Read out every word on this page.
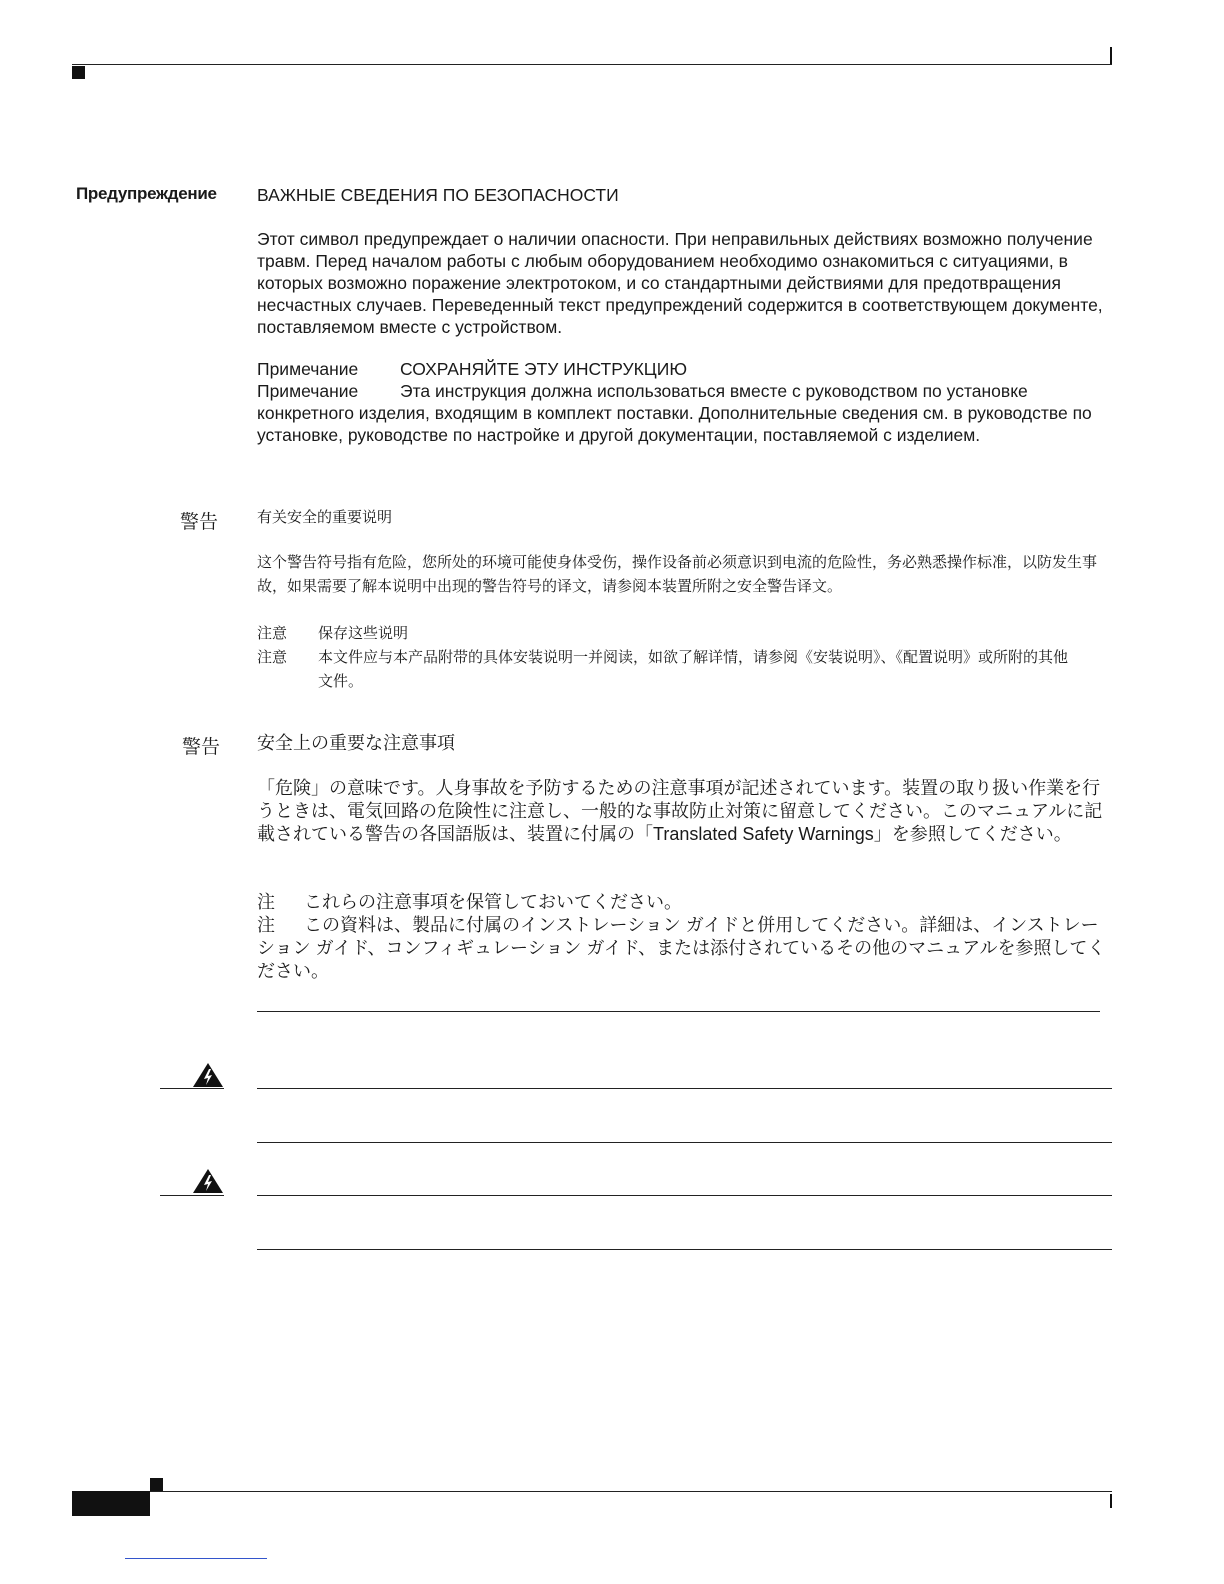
Предупреждение ВАЖНЫЕ СВЕДЕНИЯ ПО БЕЗОПАСНОСТИ
Этот символ предупреждает о наличии опасности. При неправильных действиях возможно получение травм. Перед началом работы с любым оборудованием необходимо ознакомиться с ситуациями, в которых возможно поражение электротоком, и со стандартными действиями для предотвращения несчастных случаев. Переведенный текст предупреждений содержится в соответствующем документе, поставляемом вместе с устройством.
Примечание	СОХРАНЯЙТЕ ЭТУ ИНСТРУКЦИЮ
Примечание Эта инструкция должна использоваться вместе с руководством по установке конкретного изделия, входящим в комплект поставки. Дополнительные сведения см. в руководстве по установке, руководстве по настройке и другой документации, поставляемой с изделием.
警告	有关安全的重要说明
这个警告符号指有危险，您所处的环境可能使身体受伤，操作设备前必须意识到电流的危险性，务必熟悉操作标准，以防发生事故，如果需要了解本说明中出现的警告符号的译文，请参阅本装置所附之安全警告译文。
注意	保存这些说明
注意	本文件应与本产品附带的具体安装说明一并阅读，如欲了解详情，请参阅《安装说明》、《配置说明》或所附的其他
文件。
警告 安全上の重要な注意事項
「危険」の意味です。人身事故を予防するための注意事項が記述されています。装置の取り扱い作業を行うときは、電気回路の危険性に注意し、一般的な事故防止対策に留意してください。このマニュアルに記載されている警告の各国語版は、装置に付属の「Translated Safety Warnings」を参照してください。
注	これらの注意事項を保管しておいてください。
注 この資料は、製品に付属のインストレーション ガイドと併用してください。詳細は、インストレーション ガイド、コンフィギュレーション ガイド、または添付されているその他のマニュアルを参照してください。
